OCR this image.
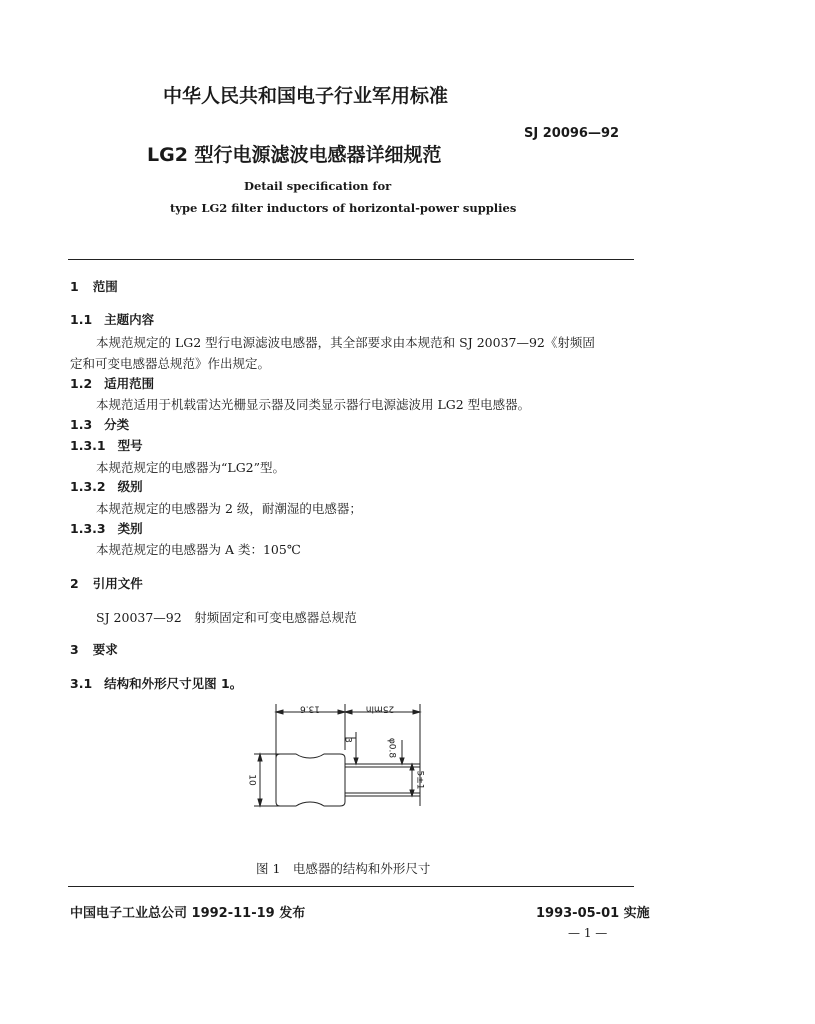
中华人民共和国电子行业军用标准
LG2 型行电源滤波电感器详细规范
SJ 20096—92
Detail specification for
type LG2 filter inductors of horizontal-power supplies
1 范围
1.1 主题内容
本规范规定的 LG2 型行电源滤波电感器，其全部要求由本规范和 SJ 20037—92《射频固
定和可变电感器总规范》作出规定。
1.2 适用范围
本规范适用于机载雷达光栅显示器及同类显示器行电源滤波用 LG2 型电感器。
1.3 分类
1.3.1 型号
本规范规定的电感器为“LG2”型。
1.3.2 级别
本规范规定的电感器为 2 级，耐潮湿的电感器；
1.3.3 类别
本规范规定的电感器为 A 类：105℃
2 引用文件
SJ 20037—92　射频固定和可变电感器总规范
3 要求
3.1 结构和外形尺寸见图 1。
13.6	25min
3	φ0.8
10	5±1
图 1　电感器的结构和外形尺寸
中国电子工业总公司 1992-11-19 发布	1993-05-01 实施
— 1 —
